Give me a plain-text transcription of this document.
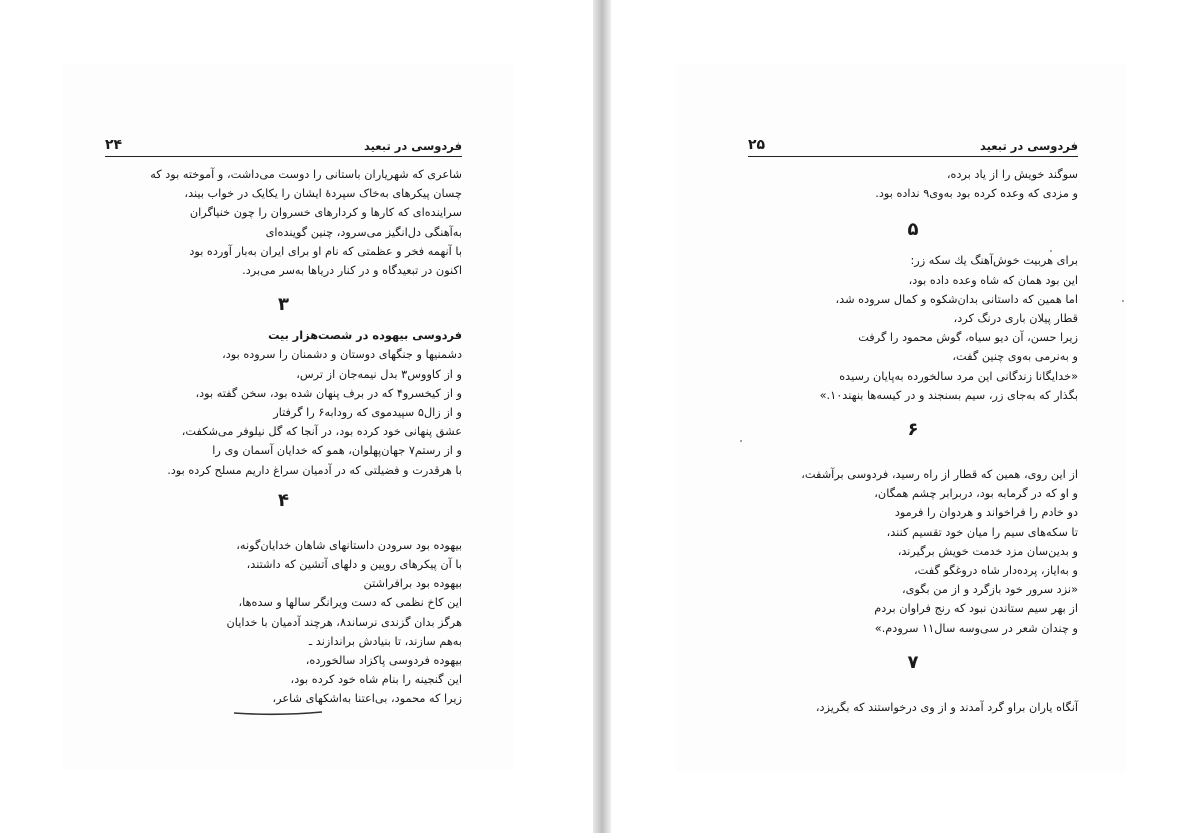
فردوسی در تبعید
۲۴
شاعری که شهریاران باستانی را دوست می‌داشت، و آموخته بود که
چسان پیکرهای به‌خاک سپردهٔ ایشان را یکایک در خواب بیند،
سراینده‌ای که کارها و کردارهای خسروان را چون خنیاگران
به‌آهنگی دل‌انگیز می‌سرود، چنین گوینده‌ای
با آنهمه فخر و عظمتی که نام او برای ایران به‌بار آورده بود
اکنون در تبعیدگاه و در کنار دریاها به‌سر می‌برد.
۳
فردوسی بیهوده در شصت‌هزار بیت
دشمنیها و جنگهای دوستان و دشمنان را سروده بود،
و از کاووس۳ بدل نیمه‌جان از ترس،
و از کیخسرو۴ که در برف پنهان شده بود، سخن گفته بود،
و از زال۵ سپیدموی که رودابه۶ را گرفتار
عشق پنهانی خود کرده بود، در آنجا که گل نیلوفر می‌شکفت،
و از رستم۷ جهان‌پهلوان، همو که خدایان آسمان وی را
با هرقدرت و فضیلتی که در آدمیان سراغ داریم مسلح کرده بود.
۴
بیهوده بود سرودن داستانهای شاهان خدایان‌گونه،
با آن پیکرهای رویین و دلهای آتشین که داشتند،
بیهوده بود برافراشتن
این کاخ نظمی که دست ویرانگر سالها و سده‌ها،
هرگز بدان گزندی نرساند۸، هرچند آدمیان با خدایان
به‌هم سازند، تا بنیادش براندازند ـ
بیهوده فردوسی پاکزاد سالخورده،
این گنجینه را بنام شاه خود کرده بود،
زیرا که محمود، بی‌اعتنا به‌اشکهای شاعر،
فردوسی در تبعید
۲۵
سوگند خویش را از یاد برده،
و مزدی که وعده کرده بود به‌وی۹ نداده بود.
۵
برای هربیت خوش‌آهنگ یك سکه زر:
این بود همان که شاه وعده داده بود،
اما همین که داستانی بدان‌شکوه و کمال سروده شد،
قطار پیلان باری درنگ کرد،
زیرا حسن، آن دیو سیاه، گوش محمود را گرفت
و به‌نرمی به‌وی چنین گفت،
«خدایگانا زندگانی این مرد سالخورده به‌پایان رسیده
بگذار که به‌جای زر، سیم بسنجند و در کیسه‌ها بنهند۱۰.»
۶
از این روی، همین که قطار از راه رسید، فردوسی برآشفت،
و او که در گرمابه بود، دربرابر چشم همگان،
دو خادم را فراخواند و هردوان را فرمود
تا سکه‌های سیم را میان خود تقسیم کنند،
و بدین‌سان مزد خدمت خویش برگیرند،
و به‌ایاز، پرده‌دار شاه دروغگو گفت،
«نزد سرور خود بازگرد و از من بگوی،
از بهر سیم ستاندن نبود که رنج فراوان بردم
و چندان شعر در سی‌وسه سال۱۱ سرودم.»
۷
آنگاه یاران براو گرد آمدند و از وی درخواستند که بگریزد،
